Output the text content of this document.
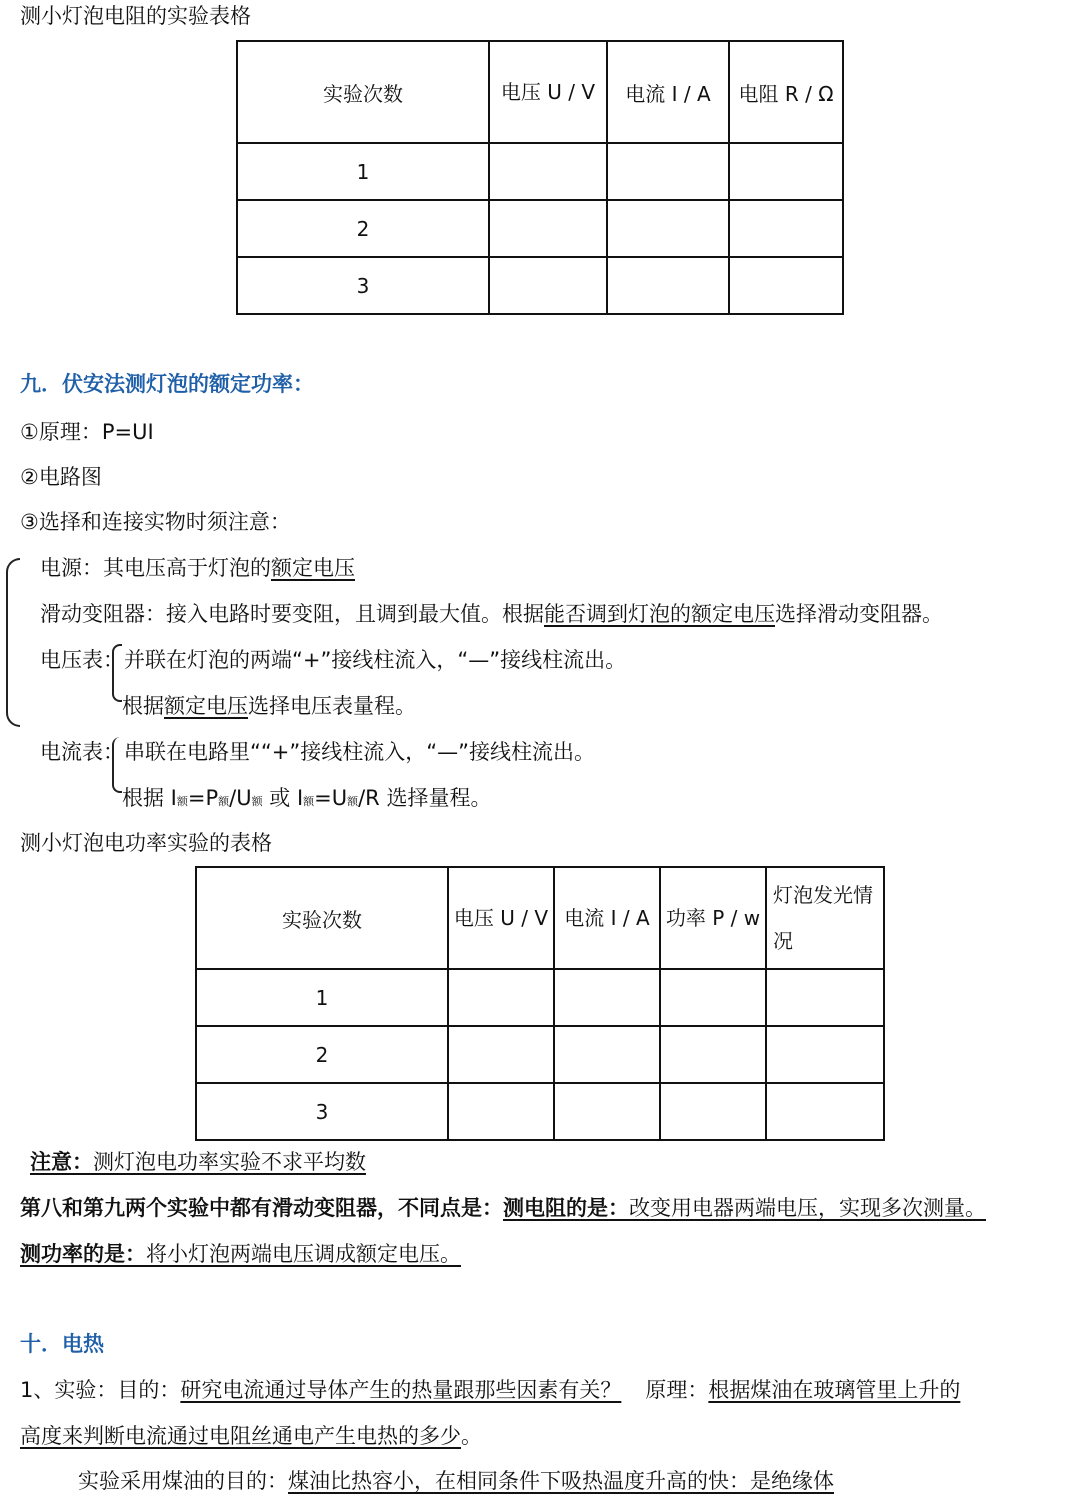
测小灯泡电阻的实验表格
实验次数	电压 U / V	电流 I / A	电阻 R / Ω
1			
2			
3			
九．伏安法测灯泡的额定功率：
①原理：P=UI
②电路图
③选择和连接实物时须注意：
电源：其电压高于灯泡的额定电压
滑动变阻器：接入电路时要变阻，且调到最大值。根据能否调到灯泡的额定电压选择滑动变阻器。
电压表：并联在灯泡的两端“+”接线柱流入，“—”接线柱流出。
根据额定电压选择电压表量程。
电流表：串联在电路里““+”接线柱流入，“—”接线柱流出。
根据 I额=P额/U额 或 I额=U额/R 选择量程。
测小灯泡电功率实验的表格
实验次数	电压 U / V	电流 I / A	功率 P / w	灯泡发光情况
1				
2				
3				
注意：测灯泡电功率实验不求平均数
第八和第九两个实验中都有滑动变阻器，不同点是：测电阻的是：改变用电器两端电压，实现多次测量。
测功率的是：将小灯泡两端电压调成额定电压。
十．电热
1、实验：目的：研究电流通过导体产生的热量跟那些因素有关？ 原理：根据煤油在玻璃管里上升的
高度来判断电流通过电阻丝通电产生电热的多少。
实验采用煤油的目的：煤油比热容小，在相同条件下吸热温度升高的快：是绝缘体
